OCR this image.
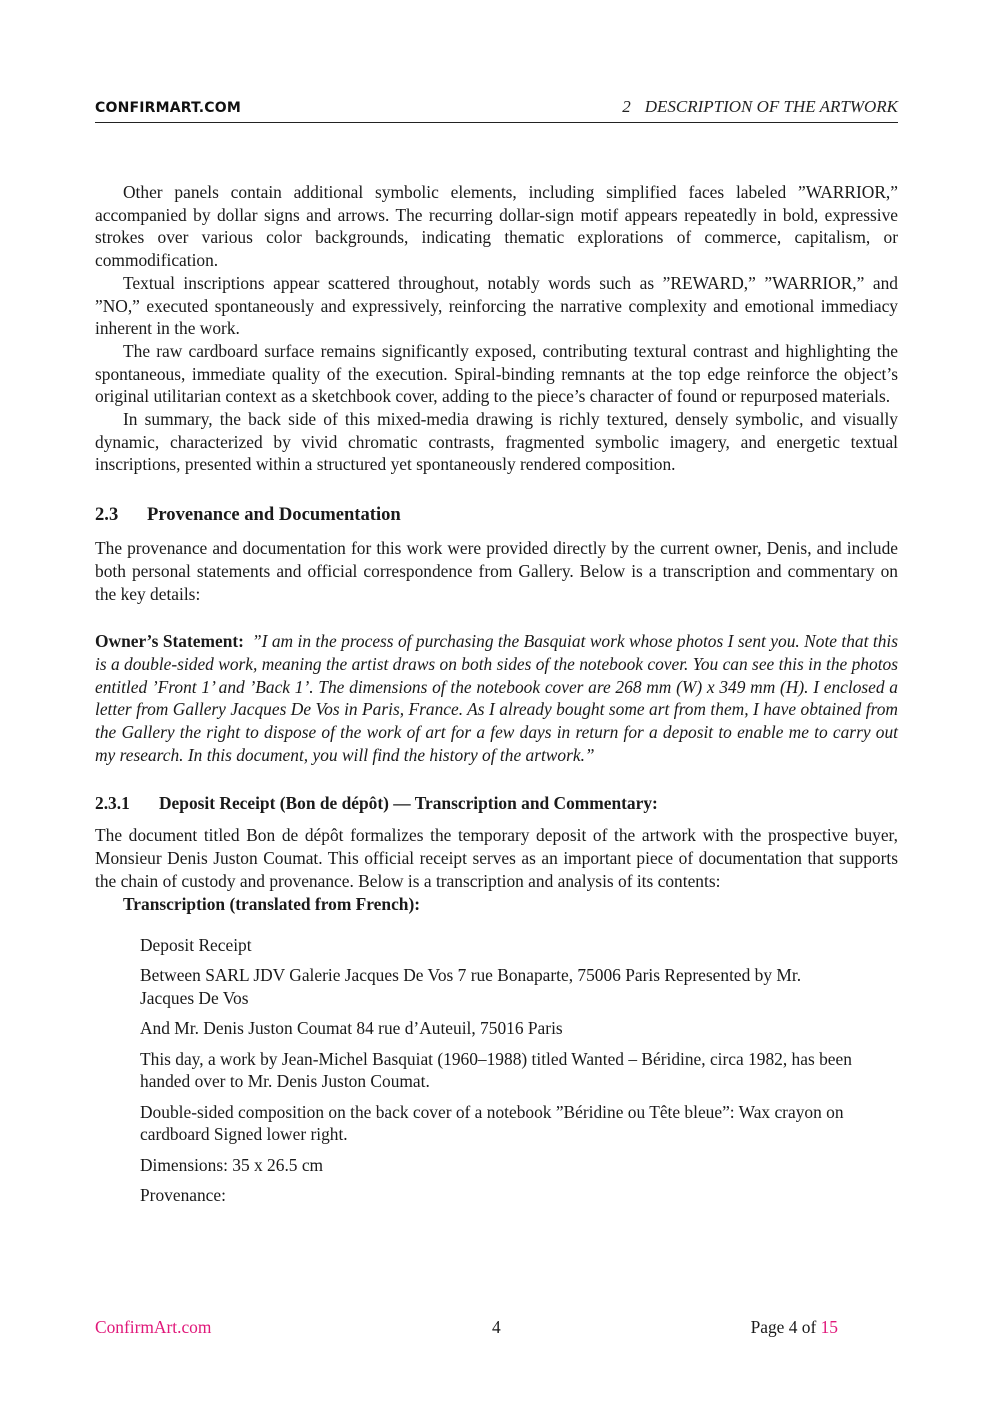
CONFIRMART.COM	2 DESCRIPTION OF THE ARTWORK

Other panels contain additional symbolic elements, including simplified faces labeled ”WARRIOR,” accompanied by dollar signs and arrows. The recurring dollar-sign motif appears repeatedly in bold, expressive strokes over various color backgrounds, indicating thematic explorations of commerce, capitalism, or commodification.

Textual inscriptions appear scattered throughout, notably words such as ”REWARD,” ”WARRIOR,” and ”NO,” executed spontaneously and expressively, reinforcing the narrative complexity and emotional immediacy inherent in the work.

The raw cardboard surface remains significantly exposed, contributing textural contrast and highlighting the spontaneous, immediate quality of the execution. Spiral-binding remnants at the top edge reinforce the object’s original utilitarian context as a sketchbook cover, adding to the piece’s character of found or repurposed materials.

In summary, the back side of this mixed-media drawing is richly textured, densely symbolic, and visually dynamic, characterized by vivid chromatic contrasts, fragmented symbolic imagery, and energetic textual inscriptions, presented within a structured yet spontaneously rendered composition.

2.3 Provenance and Documentation

The provenance and documentation for this work were provided directly by the current owner, Denis, and include both personal statements and official correspondence from Gallery. Below is a transcription and commentary on the key details:

Owner’s Statement: ”I am in the process of purchasing the Basquiat work whose photos I sent you. Note that this is a double-sided work, meaning the artist draws on both sides of the notebook cover. You can see this in the photos entitled ’Front 1’ and ’Back 1’. The dimensions of the notebook cover are 268 mm (W) x 349 mm (H). I enclosed a letter from Gallery Jacques De Vos in Paris, France. As I already bought some art from them, I have obtained from the Gallery the right to dispose of the work of art for a few days in return for a deposit to enable me to carry out my research. In this document, you will find the history of the artwork.”

2.3.1 Deposit Receipt (Bon de dépôt) — Transcription and Commentary:

The document titled Bon de dépôt formalizes the temporary deposit of the artwork with the prospective buyer, Monsieur Denis Juston Coumat. This official receipt serves as an important piece of documentation that supports the chain of custody and provenance. Below is a transcription and analysis of its contents:

Transcription (translated from French):

Deposit Receipt

Between SARL JDV Galerie Jacques De Vos 7 rue Bonaparte, 75006 Paris Represented by Mr. Jacques De Vos

And Mr. Denis Juston Coumat 84 rue d’Auteuil, 75016 Paris

This day, a work by Jean-Michel Basquiat (1960–1988) titled Wanted – Béridine, circa 1982, has been handed over to Mr. Denis Juston Coumat.

Double-sided composition on the back cover of a notebook ”Béridine ou Tête bleue”: Wax crayon on cardboard Signed lower right.

Dimensions: 35 x 26.5 cm

Provenance:

ConfirmArt.com	4	Page 4 of 15
